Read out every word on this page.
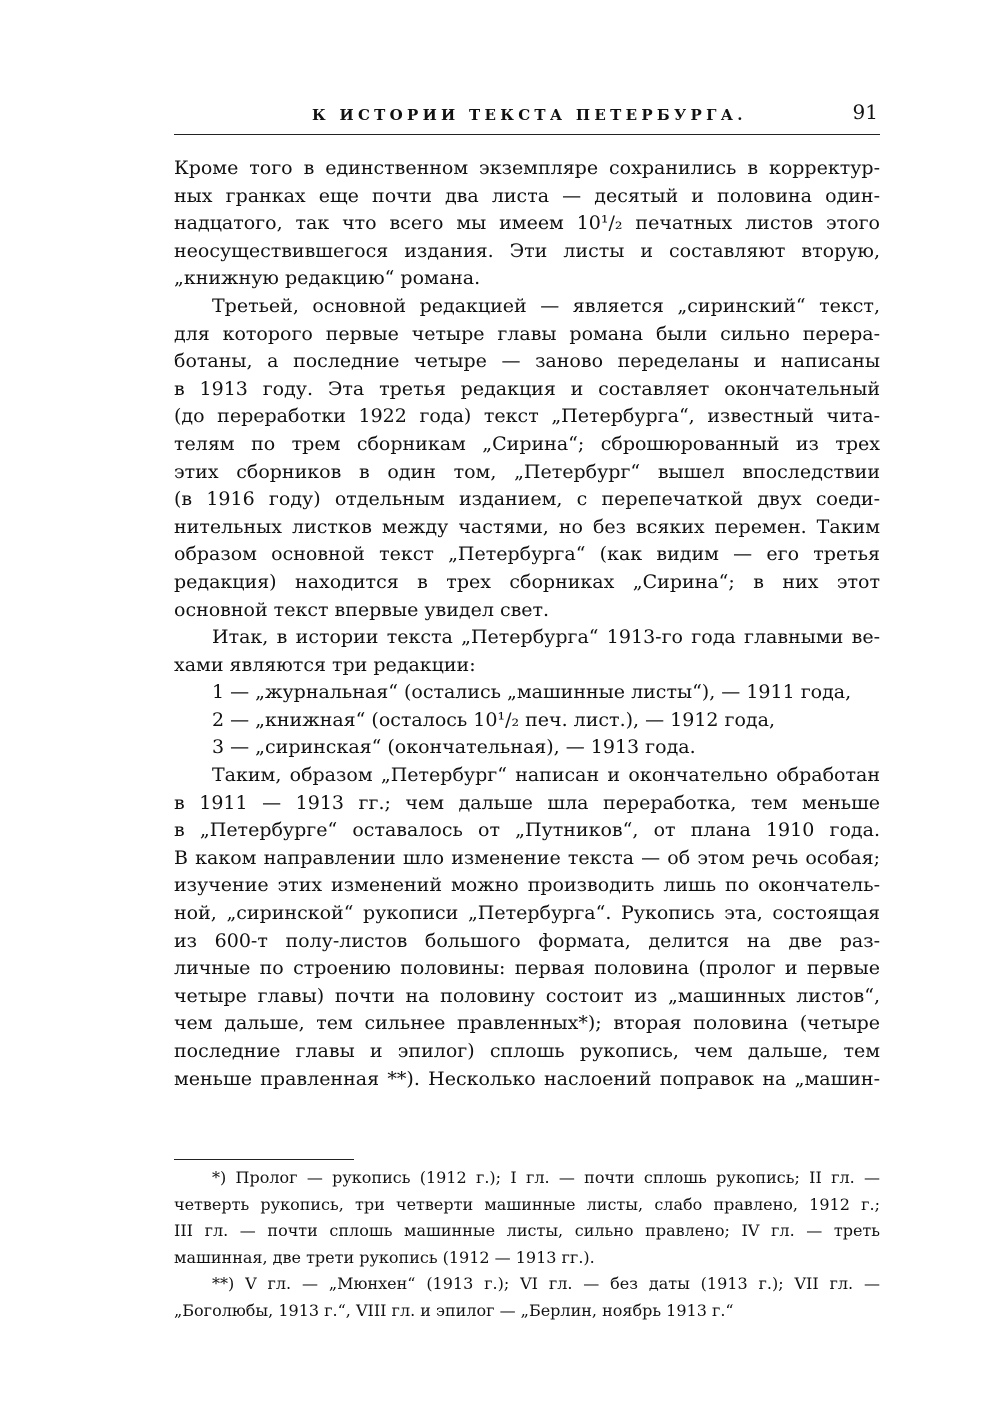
К ИСТОРИИ ТЕКСТА ПЕТЕРБУРГА.	91
Кроме того в единственном экземпляре сохранились в корректур-
ных гранках еще почти два листа — десятый и половина один-
надцатого, так что всего мы имеем 10¹/₂ печатных листов этого
неосуществившегося издания. Эти листы и составляют вторую,
„книжную редакцию“ романа.
Третьей, основной редакцией — является „сиринский“ текст,
для которого первые четыре главы романа были сильно перера-
ботаны, а последние четыре — заново переделаны и написаны
в 1913 году. Эта третья редакция и составляет окончательный
(до переработки 1922 года) текст „Петербурга“, известный чита-
телям по трем сборникам „Сирина“; сброшюрованный из трех
этих сборников в один том, „Петербург“ вышел впоследствии
(в 1916 году) отдельным изданием, с перепечаткой двух соеди-
нительных листков между частями, но без всяких перемен. Таким
образом основной текст „Петербурга“ (как видим — его третья
редакция) находится в трех сборниках „Сирина“; в них этот
основной текст впервые увидел свет.
Итак, в истории текста „Петербурга“ 1913-го года главными ве-
хами являются три редакции:
1 — „журнальная“ (остались „машинные листы“), — 1911 года,
2 — „книжная“ (осталось 10¹/₂ печ. лист.), — 1912 года,
3 — „сиринская“ (окончательная), — 1913 года.
Таким, образом „Петербург“ написан и окончательно обработан
в 1911 — 1913 гг.; чем дальше шла переработка, тем меньше
в „Петербурге“ оставалось от „Путников“, от плана 1910 года.
В каком направлении шло изменение текста — об этом речь особая;
изучение этих изменений можно производить лишь по окончатель-
ной, „сиринской“ рукописи „Петербурга“. Рукопись эта, состоящая
из 600-т полу-листов большого формата, делится на две раз-
личные по строению половины: первая половина (пролог и первые
четыре главы) почти на половину состоит из „машинных листов“,
чем дальше, тем сильнее правленных*); вторая половина (четыре
последние главы и эпилог) сплошь рукопись, чем дальше, тем
меньше правленная **). Несколько наслоений поправок на „машин-
*) Пролог — рукопись (1912 г.); I гл. — почти сплошь рукопись; II гл. —
четверть рукопись, три четверти машинные листы, слабо правлено, 1912 г.;
III гл. — почти сплошь машинные листы, сильно правлено; IV гл. — треть
машинная, две трети рукопись (1912 — 1913 гг.).
**) V гл. — „Мюнхен“ (1913 г.); VI гл. — без даты (1913 г.); VII гл. —
„Боголюбы, 1913 г.“, VIII гл. и эпилог — „Берлин, ноябрь 1913 г.“
